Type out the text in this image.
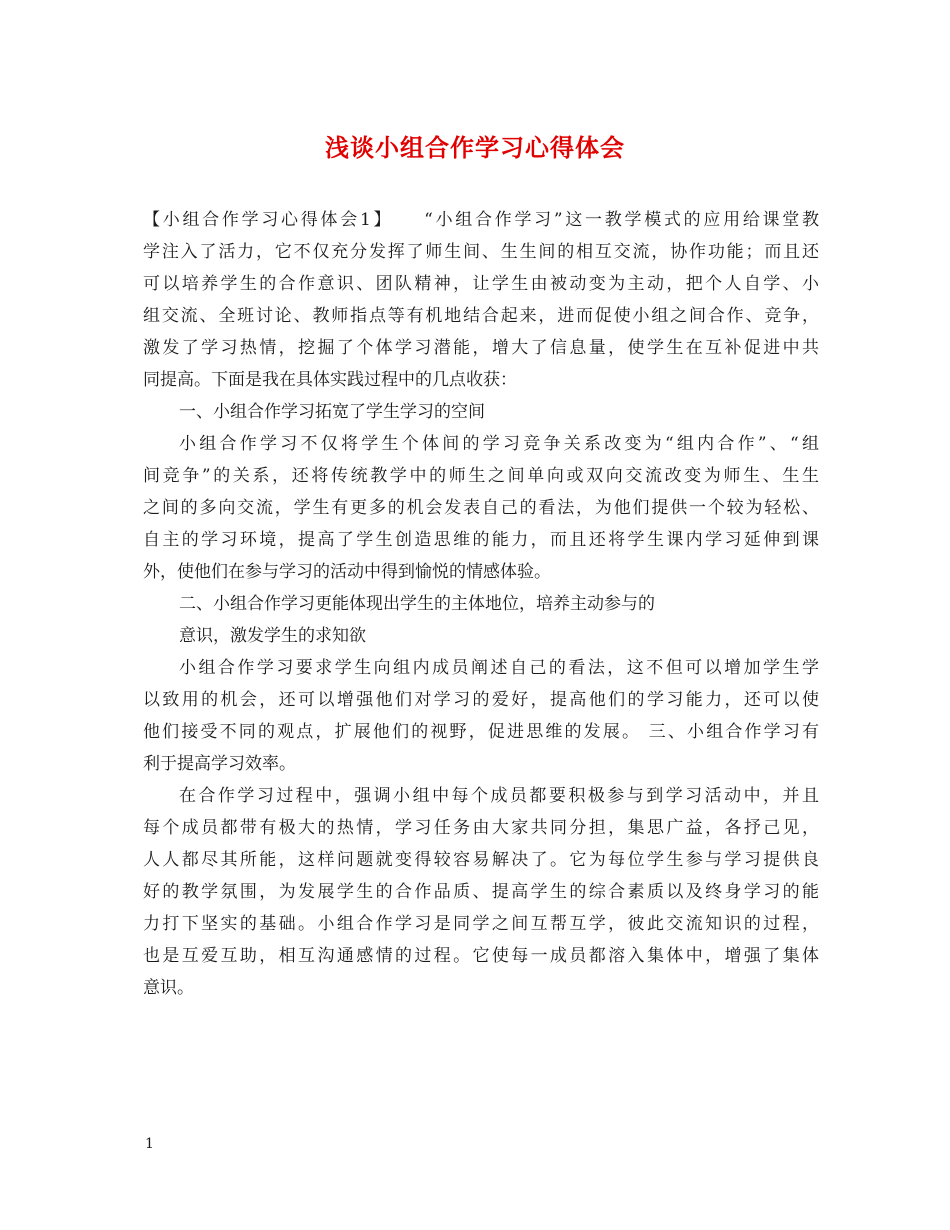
浅谈小组合作学习心得体会
【小组合作学习心得体会1】　　“小组合作学习”这一教学模式的应用给课堂教
学注入了活力，它不仅充分发挥了师生间、生生间的相互交流，协作功能；而且还
可以培养学生的合作意识、团队精神，让学生由被动变为主动，把个人自学、小
组交流、全班讨论、教师指点等有机地结合起来，进而促使小组之间合作、竞争，
激发了学习热情，挖掘了个体学习潜能，增大了信息量，使学生在互补促进中共
同提高。下面是我在具体实践过程中的几点收获：
一、小组合作学习拓宽了学生学习的空间
小组合作学习不仅将学生个体间的学习竞争关系改变为“组内合作”、“组
间竞争”的关系，还将传统教学中的师生之间单向或双向交流改变为师生、生生
之间的多向交流，学生有更多的机会发表自己的看法，为他们提供一个较为轻松、
自主的学习环境，提高了学生创造思维的能力，而且还将学生课内学习延伸到课
外，使他们在参与学习的活动中得到愉悦的情感体验。
二、小组合作学习更能体现出学生的主体地位，培养主动参与的
意识，激发学生的求知欲
小组合作学习要求学生向组内成员阐述自己的看法，这不但可以增加学生学
以致用的机会，还可以增强他们对学习的爱好，提高他们的学习能力，还可以使
他们接受不同的观点，扩展他们的视野，促进思维的发展。 三、小组合作学习有
利于提高学习效率。
在合作学习过程中，强调小组中每个成员都要积极参与到学习活动中，并且
每个成员都带有极大的热情，学习任务由大家共同分担，集思广益，各抒己见，
人人都尽其所能，这样问题就变得较容易解决了。它为每位学生参与学习提供良
好的教学氛围，为发展学生的合作品质、提高学生的综合素质以及终身学习的能
力打下坚实的基础。小组合作学习是同学之间互帮互学，彼此交流知识的过程，
也是互爱互助，相互沟通感情的过程。它使每一成员都溶入集体中，增强了集体
意识。
1
